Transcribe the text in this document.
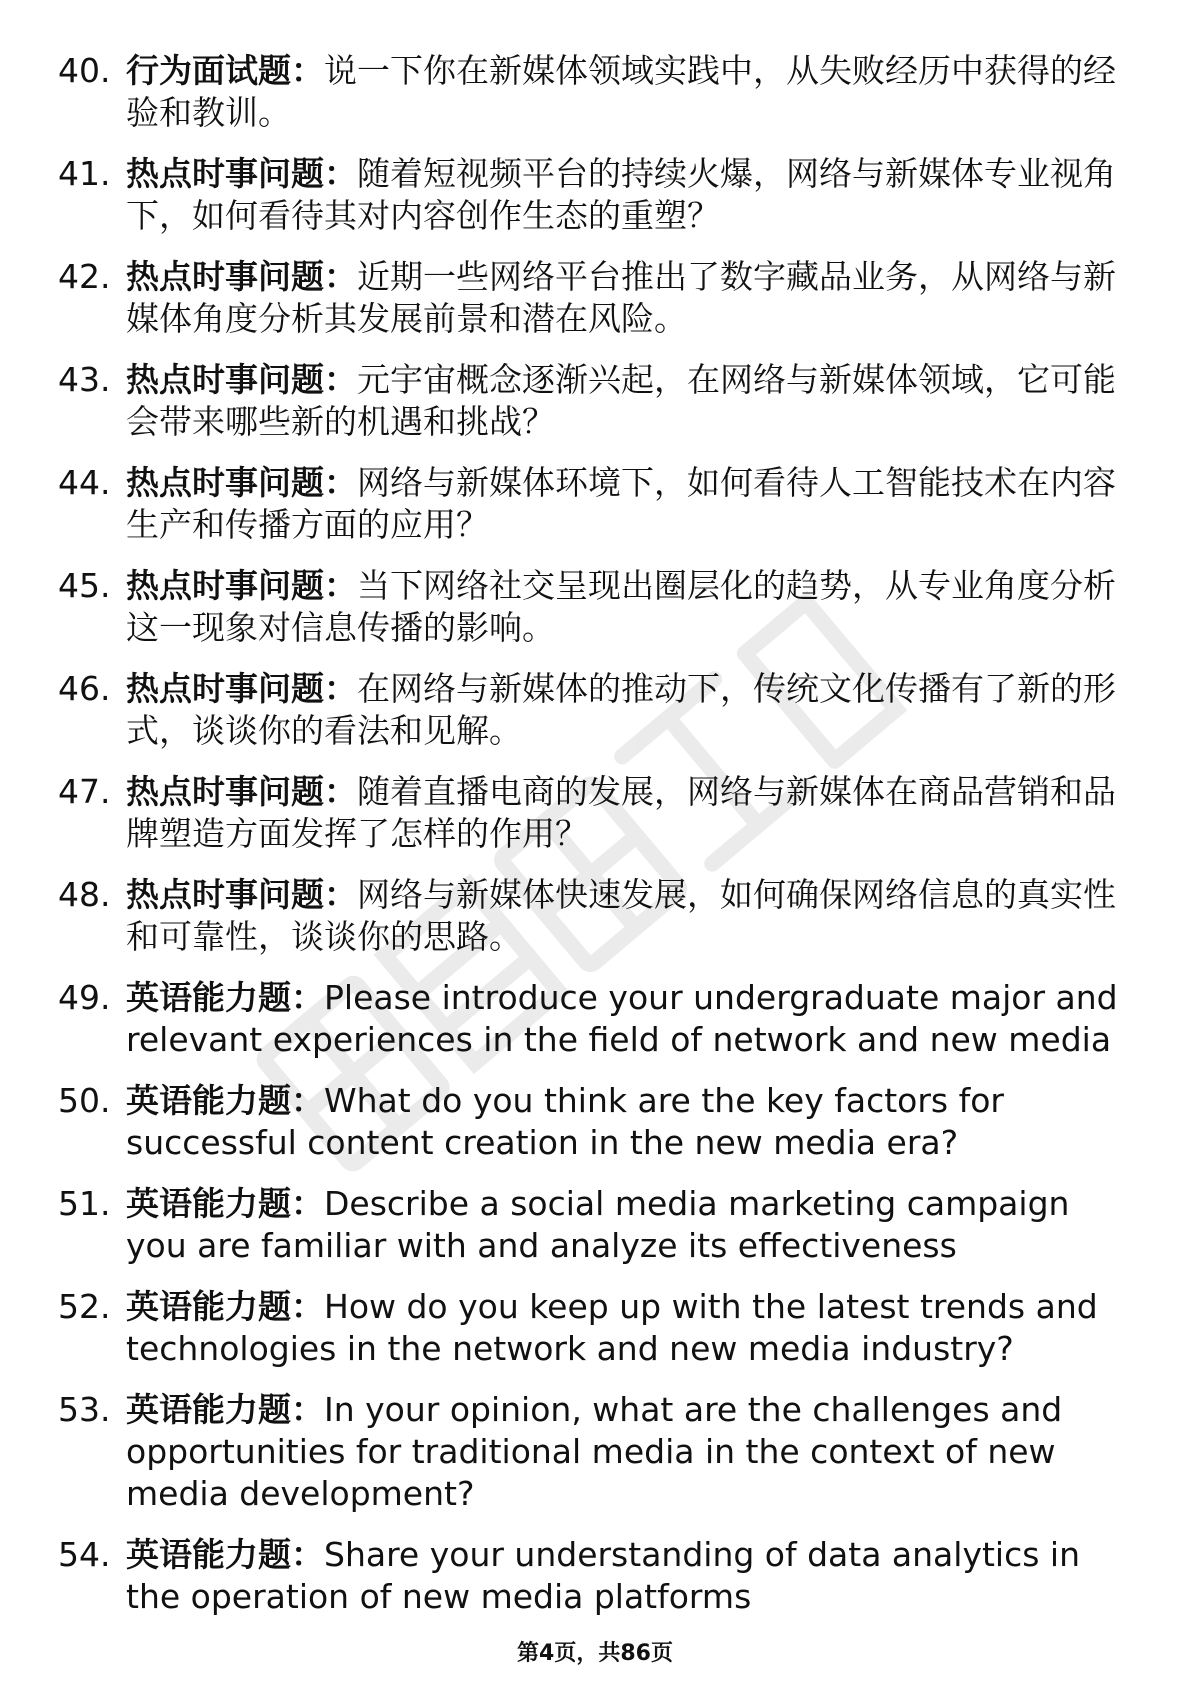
40. 行为面试题：说一下你在新媒体领域实践中，从失败经历中获得的经验和教训。
41. 热点时事问题：随着短视频平台的持续火爆，网络与新媒体专业视角下，如何看待其对内容创作生态的重塑？
42. 热点时事问题：近期一些网络平台推出了数字藏品业务，从网络与新媒体角度分析其发展前景和潜在风险。
43. 热点时事问题：元宇宙概念逐渐兴起，在网络与新媒体领域，它可能会带来哪些新的机遇和挑战？
44. 热点时事问题：网络与新媒体环境下，如何看待人工智能技术在内容生产和传播方面的应用？
45. 热点时事问题：当下网络社交呈现出圈层化的趋势，从专业角度分析这一现象对信息传播的影响。
46. 热点时事问题：在网络与新媒体的推动下，传统文化传播有了新的形式，谈谈你的看法和见解。
47. 热点时事问题：随着直播电商的发展，网络与新媒体在商品营销和品牌塑造方面发挥了怎样的作用？
48. 热点时事问题：网络与新媒体快速发展，如何确保网络信息的真实性和可靠性，谈谈你的思路。
49. 英语能力题：Please introduce your undergraduate major and relevant experiences in the field of network and new media
50. 英语能力题：What do you think are the key factors for successful content creation in the new media era?
51. 英语能力题：Describe a social media marketing campaign you are familiar with and analyze its effectiveness
52. 英语能力题：How do you keep up with the latest trends and technologies in the network and new media industry?
53. 英语能力题：In your opinion, what are the challenges and opportunities for traditional media in the context of new media development?
54. 英语能力题：Share your understanding of data analytics in the operation of new media platforms
第4页，共86页
